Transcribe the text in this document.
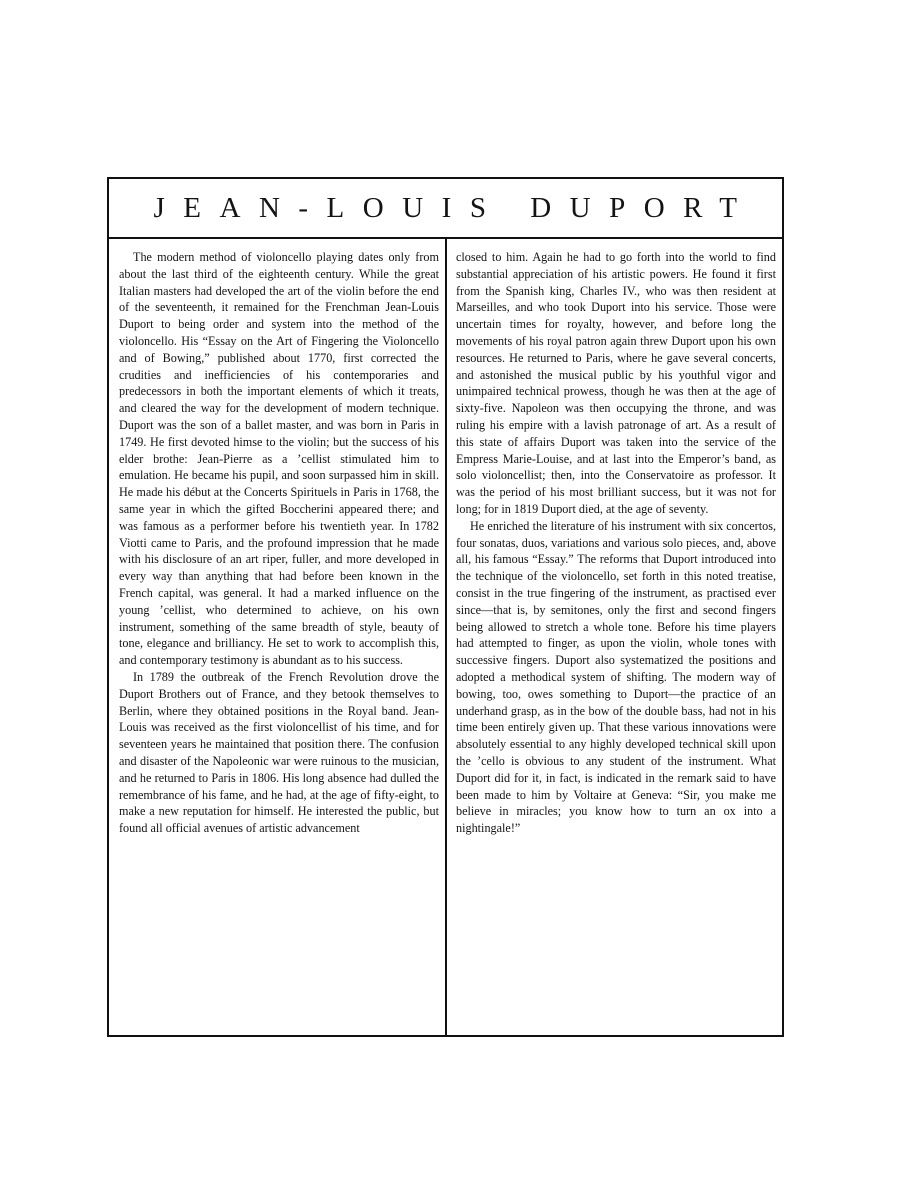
JEAN-LOUIS DUPORT

The modern method of violoncello playing dates only from about the last third of the eighteenth century. While the great Italian masters had developed the art of the violin before the end of the seventeenth, it remained for the Frenchman Jean-Louis Duport to being order and system into the method of the violoncello. His “Essay on the Art of Fingering the Violoncello and of Bowing,” published about 1770, first corrected the crudities and inefficiencies of his contemporaries and predecessors in both the important elements of which it treats, and cleared the way for the development of modern technique. Duport was the son of a ballet master, and was born in Paris in 1749. He first devoted himse to the violin; but the success of his elder brothe: Jean-Pierre as a ’cellist stimulated him to emulation. He became his pupil, and soon surpassed him in skill. He made his début at the Concerts Spirituels in Paris in 1768, the same year in which the gifted Boccherini appeared there; and was famous as a performer before his twentieth year. In 1782 Viotti came to Paris, and the profound impression that he made with his disclosure of an art riper, fuller, and more developed in every way than anything that had before been known in the French capital, was general. It had a marked influence on the young ’cellist, who determined to achieve, on his own instrument, something of the same breadth of style, beauty of tone, elegance and brilliancy. He set to work to accomplish this, and contemporary testimony is abundant as to his success.

In 1789 the outbreak of the French Revolution drove the Duport Brothers out of France, and they betook themselves to Berlin, where they obtained positions in the Royal band. Jean-Louis was received as the first violoncellist of his time, and for seventeen years he maintained that position there. The confusion and disaster of the Napoleonic war were ruinous to the musician, and he returned to Paris in 1806. His long absence had dulled the remembrance of his fame, and he had, at the age of fifty-eight, to make a new reputation for himself. He interested the public, but found all official avenues of artistic advancement

closed to him. Again he had to go forth into the world to find substantial appreciation of his artistic powers. He found it first from the Spanish king, Charles IV., who was then resident at Marseilles, and who took Duport into his service. Those were uncertain times for royalty, however, and before long the movements of his royal patron again threw Duport upon his own resources. He returned to Paris, where he gave several concerts, and astonished the musical public by his youthful vigor and unimpaired technical prowess, though he was then at the age of sixty-five. Napoleon was then occupying the throne, and was ruling his empire with a lavish patronage of art. As a result of this state of affairs Duport was taken into the service of the Empress Marie-Louise, and at last into the Emperor’s band, as solo violoncellist; then, into the Conservatoire as professor. It was the period of his most brilliant success, but it was not for long; for in 1819 Duport died, at the age of seventy.

He enriched the literature of his instrument with six concertos, four sonatas, duos, variations and various solo pieces, and, above all, his famous “Essay.” The reforms that Duport introduced into the technique of the violoncello, set forth in this noted treatise, consist in the true fingering of the instrument, as practised ever since—that is, by semitones, only the first and second fingers being allowed to stretch a whole tone. Before his time players had attempted to finger, as upon the violin, whole tones with successive fingers. Duport also systematized the positions and adopted a methodical system of shifting. The modern way of bowing, too, owes something to Duport—the practice of an underhand grasp, as in the bow of the double bass, had not in his time been entirely given up. That these various innovations were absolutely essential to any highly developed technical skill upon the ’cello is obvious to any student of the instrument. What Duport did for it, in fact, is indicated in the remark said to have been made to him by Voltaire at Geneva: “Sir, you make me believe in miracles; you know how to turn an ox into a nightingale!”
